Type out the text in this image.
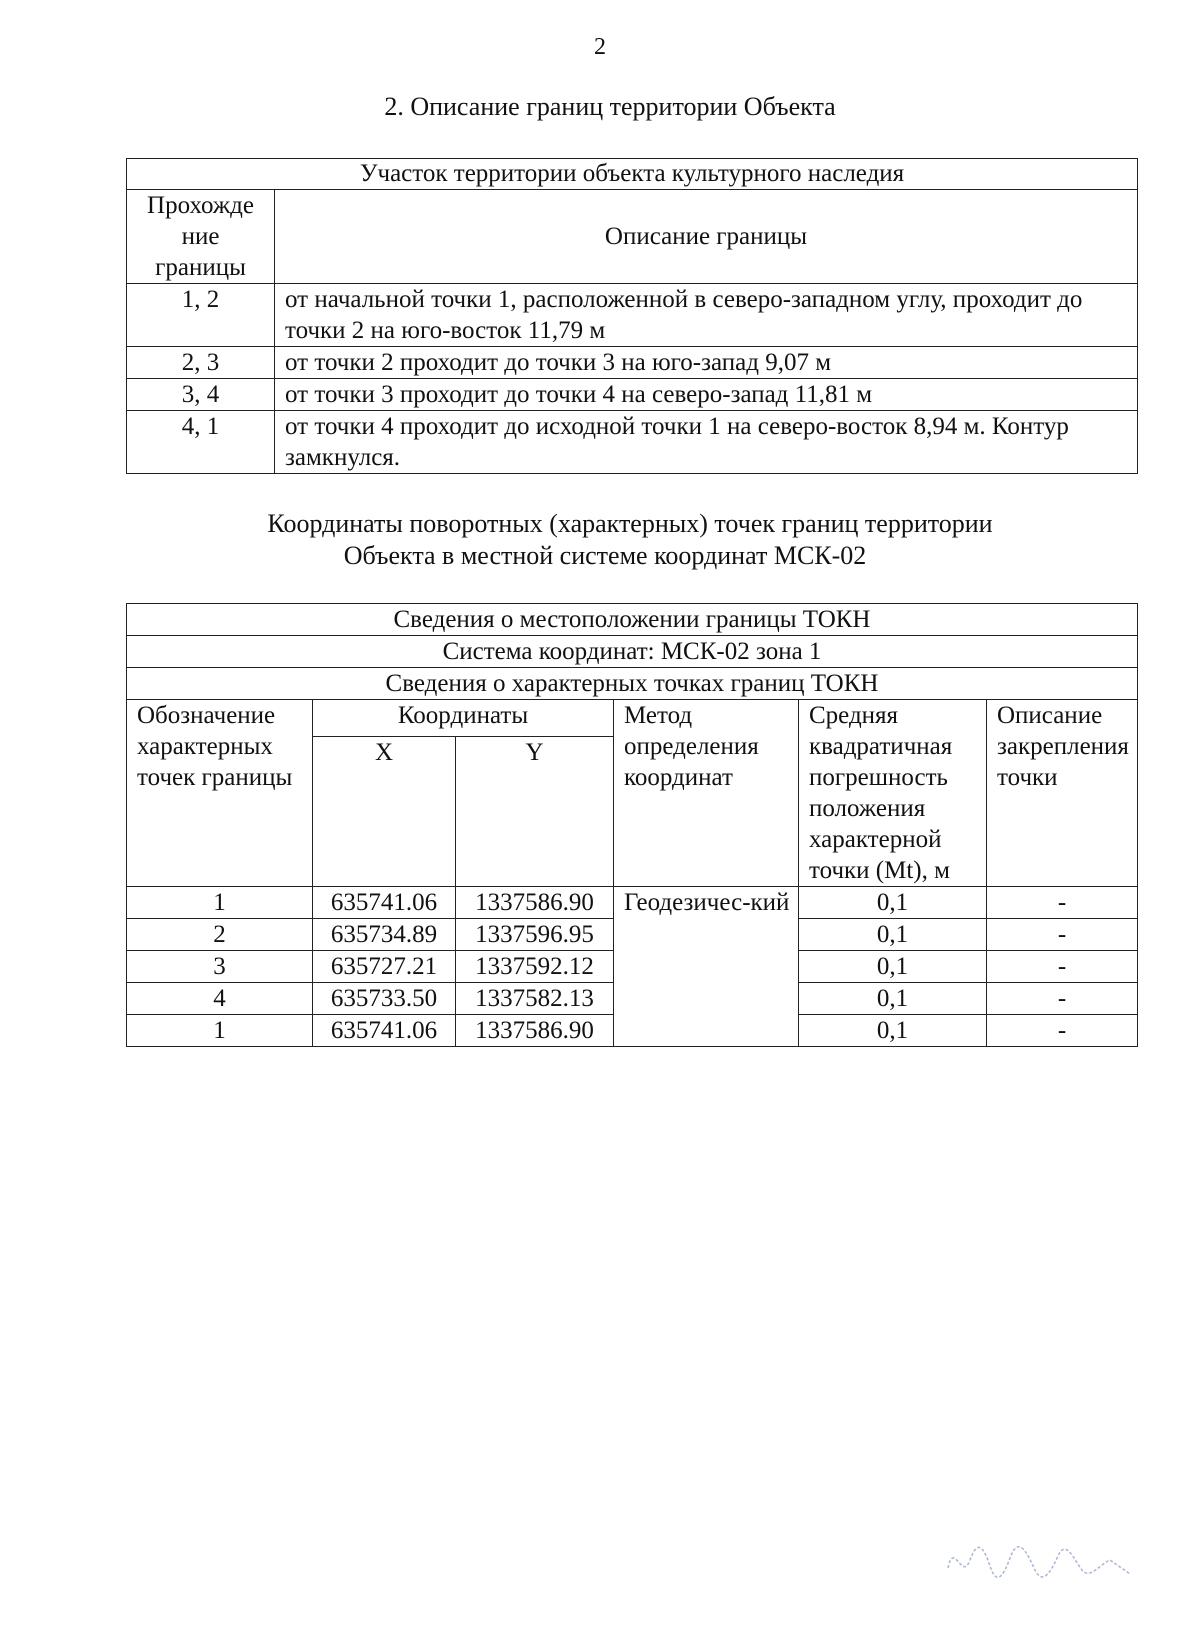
2
2. Описание границ территории Объекта
Участок территории объекта культурного наследия	

Прохожде
ние
границы	Описание границы
1, 2	от начальной точки 1, расположенной в северо-западном углу, проходит до точки 2 на юго-восток 11,79 м
2, 3	от точки 2 проходит до точки 3 на юго-запад 9,07 м
3, 4	от точки 3 проходит до точки 4 на северо-запад 11,81 м
4, 1	от точки 4 проходит до исходной точки 1 на северо-восток 8,94 м. Контур замкнулся.
Координаты поворотных (характерных) точек границ территории
Объекта в местной системе координат МСК-02
Сведения о местоположении границы ТОКН					
Система координат: МСК-02 зона 1					
Сведения о характерных точках границ ТОКН					
Обозначение характерных точек границы	Координаты		Метод определения координат	Средняя квадратичная погрешность положения характерной точки (Mt), м	Описание закрепления точки
	X	Y			
1	635741.06	1337586.90	Геодезичес-кий	0,1	-
2	635734.89	1337596.95		0,1	-
3	635727.21	1337592.12		0,1	-
4	635733.50	1337582.13		0,1	-
1	635741.06	1337586.90		0,1	-
